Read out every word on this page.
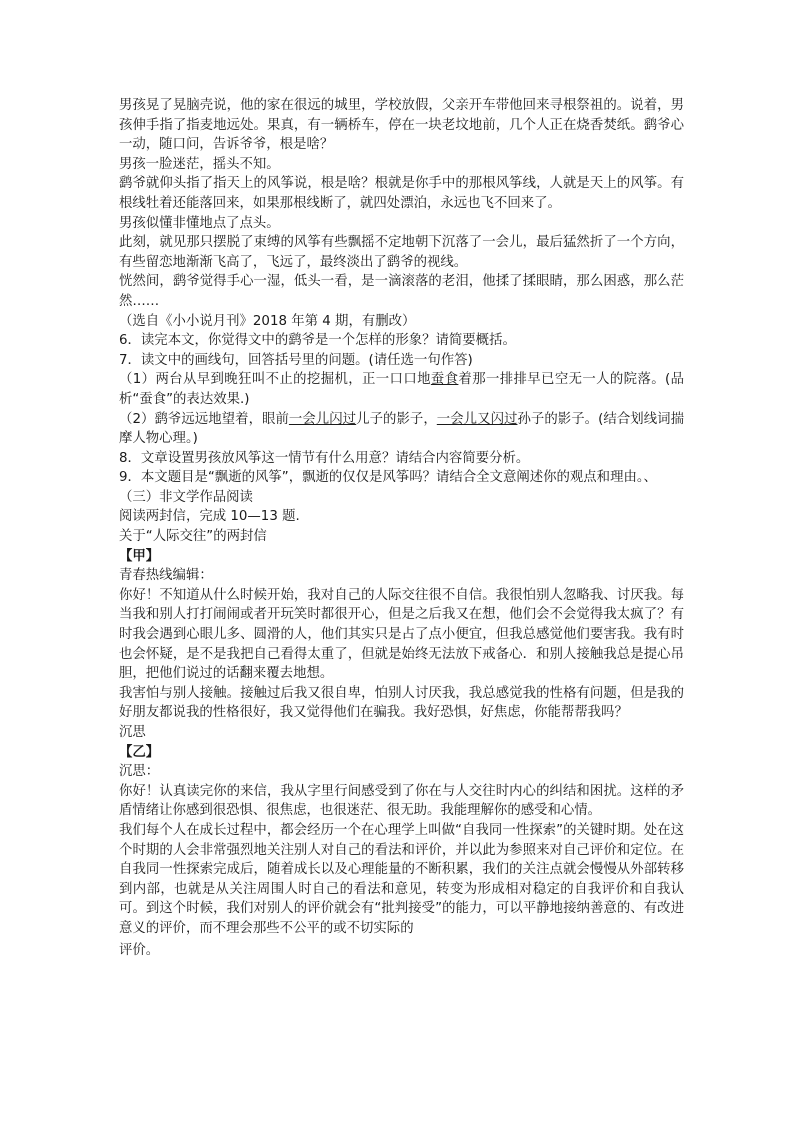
男孩晃了晃脑壳说，他的家在很远的城里，学校放假，父亲开车带他回来寻根祭祖的。说着，男孩伸手指了指麦地远处。果真，有一辆桥车，停在一块老坟地前，几个人正在烧香焚纸。鹞爷心一动，随口问，告诉爷爷，根是啥？

男孩一脸迷茫，摇头不知。

鹞爷就仰头指了指天上的风筝说，根是啥？根就是你手中的那根风筝线，人就是天上的风筝。有根线牡着还能落回来，如果那根线断了，就四处漂泊，永远也飞不回来了。

男孩似懂非懂地点了点头。

此刻，就见那只摆脱了束缚的风筝有些飘摇不定地朝下沉落了一会儿，最后猛然折了一个方向，有些留恋地渐渐飞高了，飞远了，最终淡出了鹞爷的视线。

恍然间，鹞爷觉得手心一湿，低头一看，是一滴滚落的老泪，他揉了揉眼睛，那么困惑，那么茫然……

（选自《小小说月刊》2018 年第 4 期，有删改）

6．读完本文，你觉得文中的鹞爷是一个怎样的形象？请简要概括。

7．读文中的画线句，回答括号里的问题。(请任选一句作答)

（1）两台从早到晚狂叫不止的挖掘机，正一口口地蚕食着那一排排早已空无一人的院落。(品析“蚕食”的表达效果.)

（2）鹞爷远远地望着，眼前一会儿闪过儿子的影子，一会儿又闪过孙子的影子。(结合划线词揣摩人物心理。)

8．文章设置男孩放风筝这一情节有什么用意？请结合内容简要分析。

9．本文题目是“飘逝的风筝”，飘逝的仅仅是风筝吗？请结合全文意阐述你的观点和理由。、

（三）非文学作品阅读

阅读两封信，完成 10—13 题.

关于“人际交往”的两封信

【甲】

青春热线编辑：

你好！不知道从什么时候开始，我对自己的人际交往很不自信。我很怕别人忽略我、讨厌我。每当我和别人打打闹闹或者开玩笑时都很开心，但是之后我又在想，他们会不会觉得我太疯了？有时我会遇到心眼儿多、圆滑的人，他们其实只是占了点小便宜，但我总感觉他们要害我。我有时也会怀疑，是不是我把自己看得太重了，但就是始终无法放下戒备心．和别人接触我总是提心吊胆，把他们说过的话翻来覆去地想。

我害怕与别人接触。接触过后我又很自卑，怕别人讨厌我，我总感觉我的性格有问题，但是我的好朋友都说我的性格很好，我又觉得他们在骗我。我好恐惧，好焦虑，你能帮帮我吗？

沉思

【乙】

沉思：

你好！认真读完你的来信，我从字里行间感受到了你在与人交往时内心的纠结和困扰。这样的矛盾情绪让你感到很恐惧、很焦虑，也很迷茫、很无助。我能理解你的感受和心情。

我们每个人在成长过程中，都会经历一个在心理学上叫做“自我同一性探索”的关键时期。处在这个时期的人会非常强烈地关注别人对自己的看法和评价，并以此为参照来对自己评价和定位。在自我同一性探索完成后，随着成长以及心理能量的不断积累，我们的关注点就会慢慢从外部转移到内部，也就是从关注周围人时自己的看法和意见，转变为形成相对稳定的自我评价和自我认可。到这个时候，我们对别人的评价就会有“批判接受”的能力，可以平静地接纳善意的、有改进意义的评价，而不理会那些不公平的或不切实际的

评价。
